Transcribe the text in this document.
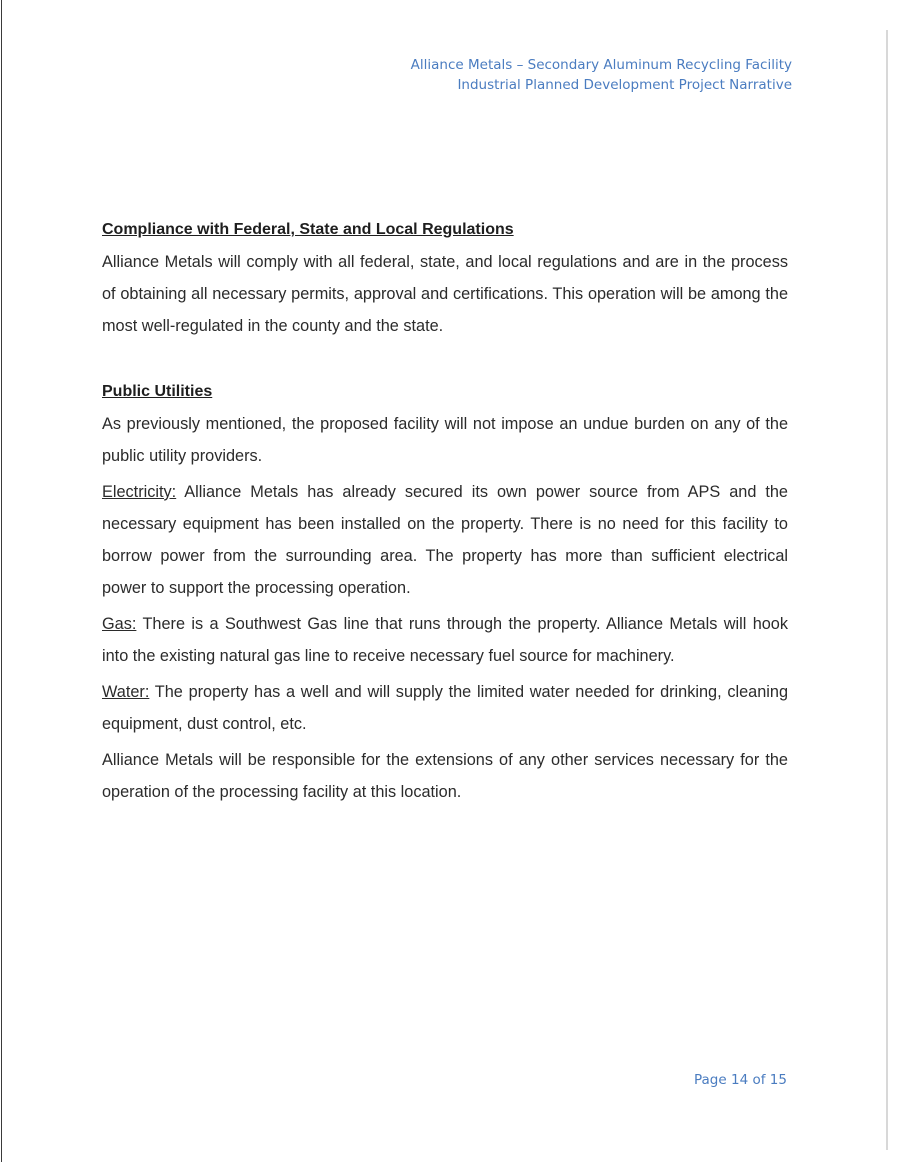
Alliance Metals – Secondary Aluminum Recycling Facility
Industrial Planned Development Project Narrative

Compliance with Federal, State and Local Regulations

Alliance Metals will comply with all federal, state, and local regulations and are in the process of obtaining all necessary permits, approval and certifications. This operation will be among the most well-regulated in the county and the state.

Public Utilities

As previously mentioned, the proposed facility will not impose an undue burden on any of the public utility providers.

Electricity: Alliance Metals has already secured its own power source from APS and the necessary equipment has been installed on the property. There is no need for this facility to borrow power from the surrounding area. The property has more than sufficient electrical power to support the processing operation.

Gas: There is a Southwest Gas line that runs through the property. Alliance Metals will hook into the existing natural gas line to receive necessary fuel source for machinery.

Water: The property has a well and will supply the limited water needed for drinking, cleaning equipment, dust control, etc.

Alliance Metals will be responsible for the extensions of any other services necessary for the operation of the processing facility at this location.

Page 14 of 15
